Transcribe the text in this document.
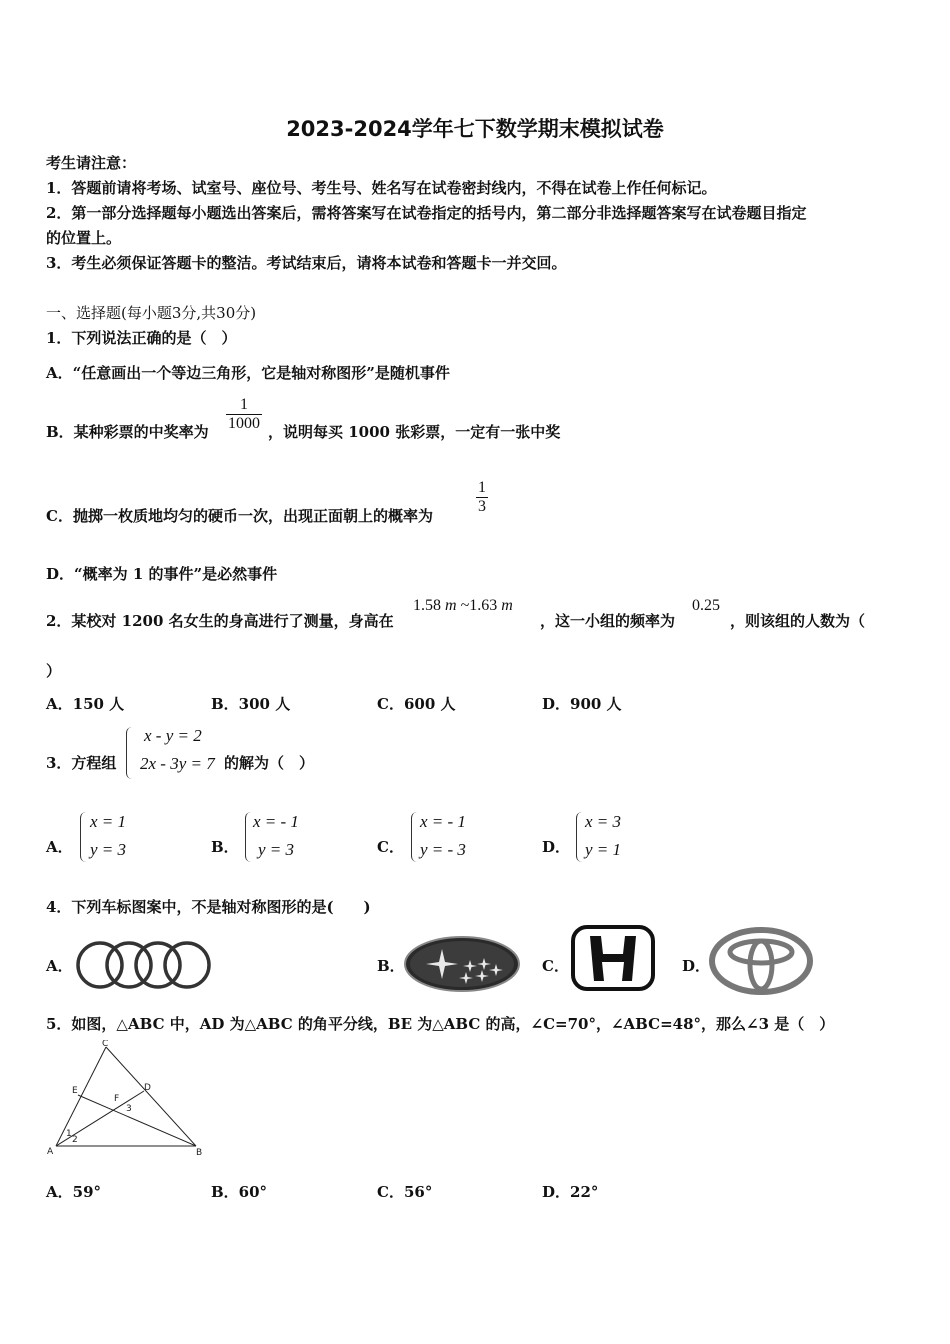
2023-2024学年七下数学期末模拟试卷
考生请注意：
1．答题前请将考场、试室号、座位号、考生号、姓名写在试卷密封线内，不得在试卷上作任何标记。
2．第一部分选择题每小题选出答案后，需将答案写在试卷指定的括号内，第二部分非选择题答案写在试卷题目指定
的位置上。
3．考生必须保证答题卡的整洁。考试结束后，请将本试卷和答题卡一并交回。
一、选择题(每小题3分,共30分)
1．下列说法正确的是（　）
A．“任意画出一个等边三角形，它是轴对称图形”是随机事件
B．某种彩票的中奖率为 $\frac{1}{1000}$ ，说明每买 1000 张彩票，一定有一张中奖
C．抛掷一枚质地均匀的硬币一次，出现正面朝上的概率为	$\frac{1}{3}$
D．“概率为 1 的事件”是必然事件
2．某校对 1200 名女生的身高进行了测量，身高在
1.58 m ~1.63 m
，这一小组的频率为
0.25
，则该组的人数为（
）
A．150 人	B．300 人	C．600 人	D．900 人
3．方程组
x - y = 2
2x - 3y = 7 的解为（　）
A．
x = 1
y = 3	B．
x = - 1
y = 3	C．
x = - 1
y = - 3	D．
x = 3
y = 1
4．下列车标图案中，不是轴对称图形的是(　　)
A．	B．	C．	D．
5．如图，△ABC 中，AD 为△ABC 的角平分线，BE 为△ABC 的高，∠C=70°，∠ABC=48°，那么∠3 是（　）
C
E	D
F
3
1
2
A	B
A．59°	B．60°	C．56°	D．22°
